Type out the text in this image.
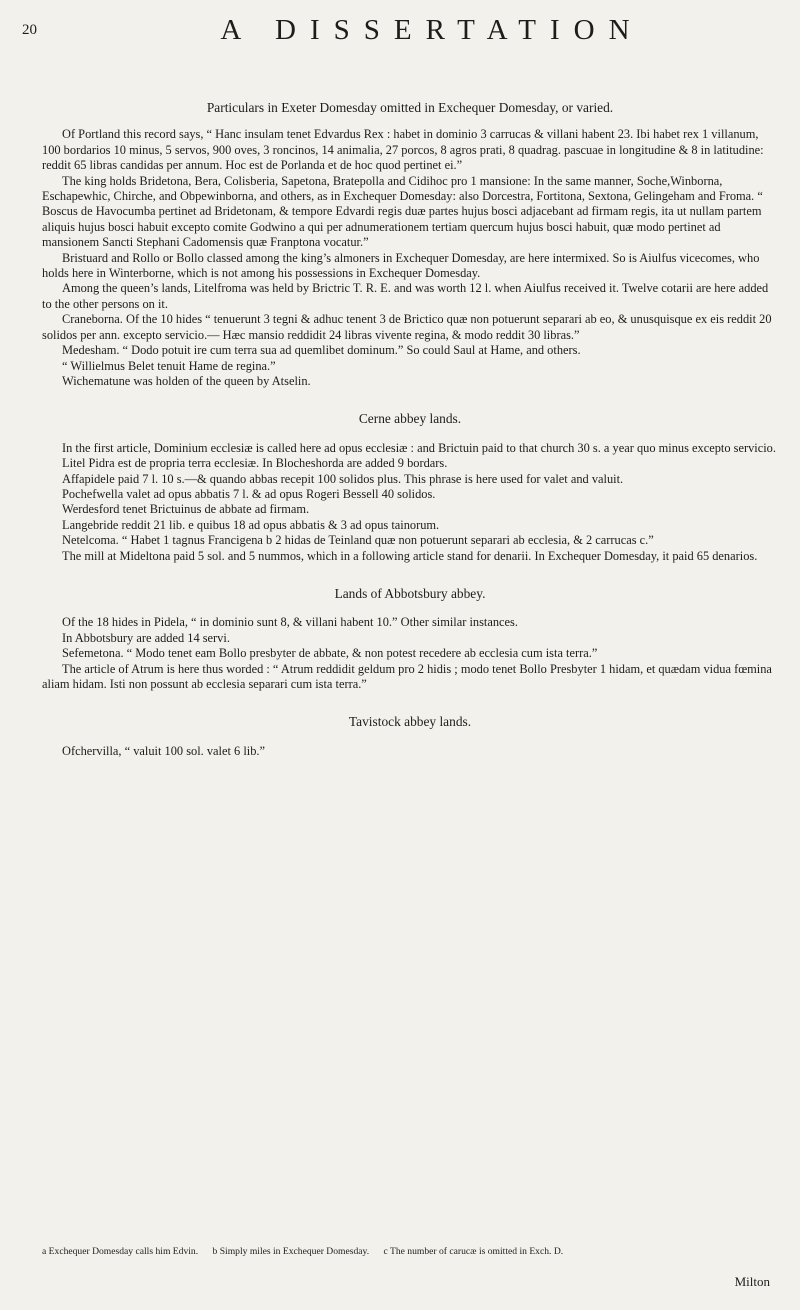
20	A DISSERTATION

Particulars in Exeter Domesday omitted in Exchequer Domesday, or varied.

Of Portland this record says, “ Hanc insulam tenet Edvardus Rex : habet in dominio 3 carrucas & villani habent 23. Ibi habet rex 1 villanum, 100 bordarios 10 minus, 5 servos, 900 oves, 3 roncinos, 14 animalia, 27 porcos, 8 agros prati, 8 quadrag. pascuae in longitudine & 8 in latitudine: reddit 65 libras candidas per annum. Hoc est de Porlanda et de hoc quod pertinet ei.”

The king holds Bridetona, Bera, Colisberia, Sapetona, Bratepolla and Cidihoc pro 1 mansione: In the same manner, Soche,Winborna, Eschapewhic, Chirche, and Obpewinborna, and others, as in Exchequer Domesday: also Dorcestra, Fortitona, Sextona, Gelingeham and Froma. “ Boscus de Havocumba pertinet ad Bridetonam, & tempore Edvardi regis duæ partes hujus bosci adjacebant ad firmam regis, ita ut nullam partem aliquis hujus bosci habuit excepto comite Godwino a qui per adnumerationem tertiam quercum hujus bosci habuit, quæ modo pertinet ad mansionem Sancti Stephani Cadomensis quæ Franptona vocatur.”

Bristuard and Rollo or Bollo classed among the king’s almoners in Exchequer Domesday, are here intermixed. So is Aiulfus vicecomes, who holds here in Winterborne, which is not among his possessions in Exchequer Domesday.

Among the queen’s lands, Litelfroma was held by Brictric T. R. E. and was worth 12 l. when Aiulfus received it. Twelve cotarii are here added to the other persons on it.

Craneborna. Of the 10 hides “ tenuerunt 3 tegni & adhuc tenent 3 de Brictico quæ non potuerunt separari ab eo, & unusquisque ex eis reddit 20 solidos per ann. excepto servicio.— Hæc mansio reddidit 24 libras vivente regina, & modo reddit 30 libras.”

Medesham. “ Dodo potuit ire cum terra sua ad quemlibet dominum.” So could Saul at Hame, and others.

“ Willielmus Belet tenuit Hame de regina.”

Wichematune was holden of the queen by Atselin.

Cerne abbey lands.

In the first article, Dominium ecclesiæ is called here ad opus ecclesiæ : and Brictuin paid to that church 30 s. a year quo minus excepto servicio.

Litel Pidra est de propria terra ecclesiæ. In Blocheshorda are added 9 bordars.

Affapidele paid 7 l. 10 s.—& quando abbas recepit 100 solidos plus. This phrase is here used for valet and valuit.

Pochefwella valet ad opus abbatis 7 l. & ad opus Rogeri Bessell 40 solidos.

Werdesford tenet Brictuinus de abbate ad firmam.

Langebride reddit 21 lib. e quibus 18 ad opus abbatis & 3 ad opus tainorum.

Netelcoma. “ Habet 1 tagnus Francigena b 2 hidas de Teinland quæ non potuerunt separari ab ecclesia, & 2 carrucas c.”

The mill at Mideltona paid 5 sol. and 5 nummos, which in a following article stand for denarii. In Exchequer Domesday, it paid 65 denarios.

Lands of Abbotsbury abbey.

Of the 18 hides in Pidela, “ in dominio sunt 8, & villani habent 10.” Other similar instances.

In Abbotsbury are added 14 servi.

Sefemetona. “ Modo tenet eam Bollo presbyter de abbate, & non potest recedere ab ecclesia cum ista terra.”

The article of Atrum is here thus worded : “ Atrum reddidit geldum pro 2 hidis ; modo tenet Bollo Presbyter 1 hidam, et quædam vidua fœmina aliam hidam. Isti non possunt ab ecclesia separari cum ista terra.”

Tavistock abbey lands.

Ofchervilla, “ valuit 100 sol. valet 6 lib.”

a Exchequer Domesday calls him Edvin. b Simply miles in Exchequer Domesday. c The number of carucæ is omitted in Exch. D.
Milton
